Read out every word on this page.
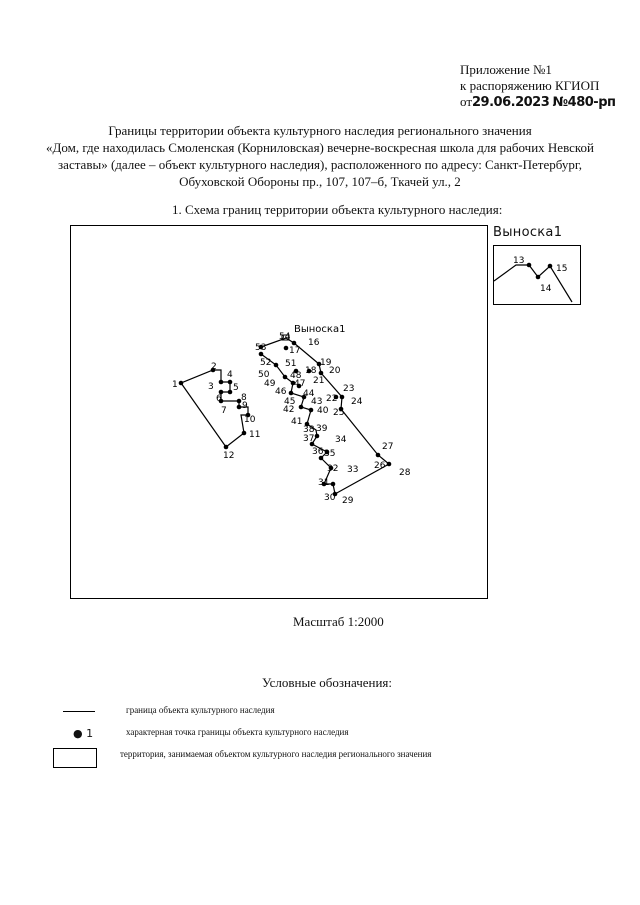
Приложение №1
к распоряжению КГИОП
от29.06.2023 №480-рп
Границы территории объекта культурного наследия регионального значения
«Дом, где находилась Смоленская (Корниловская) вечерне-воскресная школа для рабочих Невской
заставы» (далее – объект культурного наследия), расположенного по адресу: Санкт-Петербург,
Обуховской Обороны пр., 107, 107–б, Ткачей ул., 2
1. Схема границ территории объекта культурного наследия:
1
2
3
4
5
6
7
8
9
10
11
12
16
17
18
19
20
21
22
23
24
25
26
27
28
29
30
31
32 33
34
35
36
37
38 39
40
41
42
43
44
45
46
47
48
49
50
51
52
53
54
Выноска1
Выноска1
13
14
15
Масштаб 1:2000
Условные обозначения:
граница объекта культурного наследия
● 1	характерная точка границы объекта культурного наследия
территория, занимаемая объектом культурного наследия регионального значения
